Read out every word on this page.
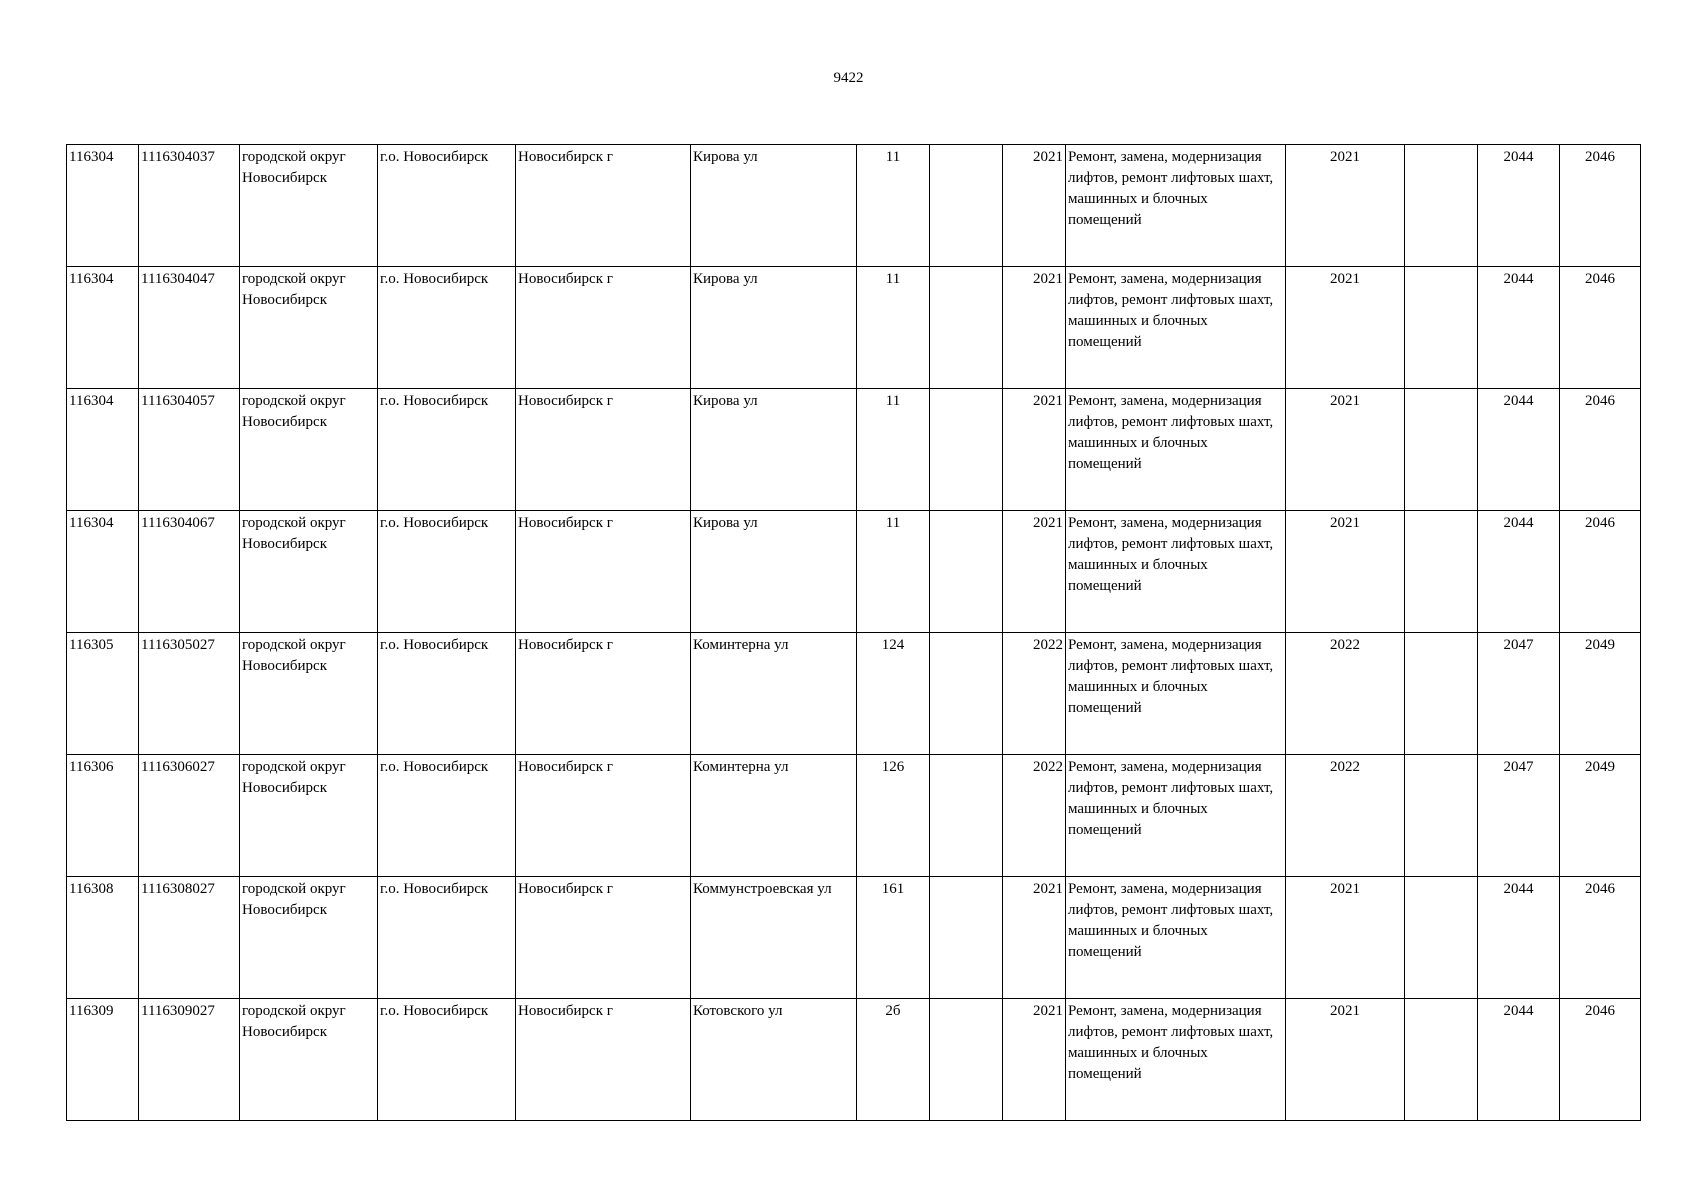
9422
116304	1116304037	городской округ Новосибирск	г.о. Новосибирск	Новосибирск г	Кирова ул	11		2021	Ремонт, замена, модернизация лифтов, ремонт лифтовых шахт, машинных и блочных помещений	2021		2044	2046
116304	1116304047	городской округ Новосибирск	г.о. Новосибирск	Новосибирск г	Кирова ул	11		2021	Ремонт, замена, модернизация лифтов, ремонт лифтовых шахт, машинных и блочных помещений	2021		2044	2046
116304	1116304057	городской округ Новосибирск	г.о. Новосибирск	Новосибирск г	Кирова ул	11		2021	Ремонт, замена, модернизация лифтов, ремонт лифтовых шахт, машинных и блочных помещений	2021		2044	2046
116304	1116304067	городской округ Новосибирск	г.о. Новосибирск	Новосибирск г	Кирова ул	11		2021	Ремонт, замена, модернизация лифтов, ремонт лифтовых шахт, машинных и блочных помещений	2021		2044	2046
116305	1116305027	городской округ Новосибирск	г.о. Новосибирск	Новосибирск г	Коминтерна ул	124		2022	Ремонт, замена, модернизация лифтов, ремонт лифтовых шахт, машинных и блочных помещений	2022		2047	2049
116306	1116306027	городской округ Новосибирск	г.о. Новосибирск	Новосибирск г	Коминтерна ул	126		2022	Ремонт, замена, модернизация лифтов, ремонт лифтовых шахт, машинных и блочных помещений	2022		2047	2049
116308	1116308027	городской округ Новосибирск	г.о. Новосибирск	Новосибирск г	Коммунстроевская ул	161		2021	Ремонт, замена, модернизация лифтов, ремонт лифтовых шахт, машинных и блочных помещений	2021		2044	2046
116309	1116309027	городской округ Новосибирск	г.о. Новосибирск	Новосибирск г	Котовского ул	2б		2021	Ремонт, замена, модернизация лифтов, ремонт лифтовых шахт, машинных и блочных помещений	2021		2044	2046
